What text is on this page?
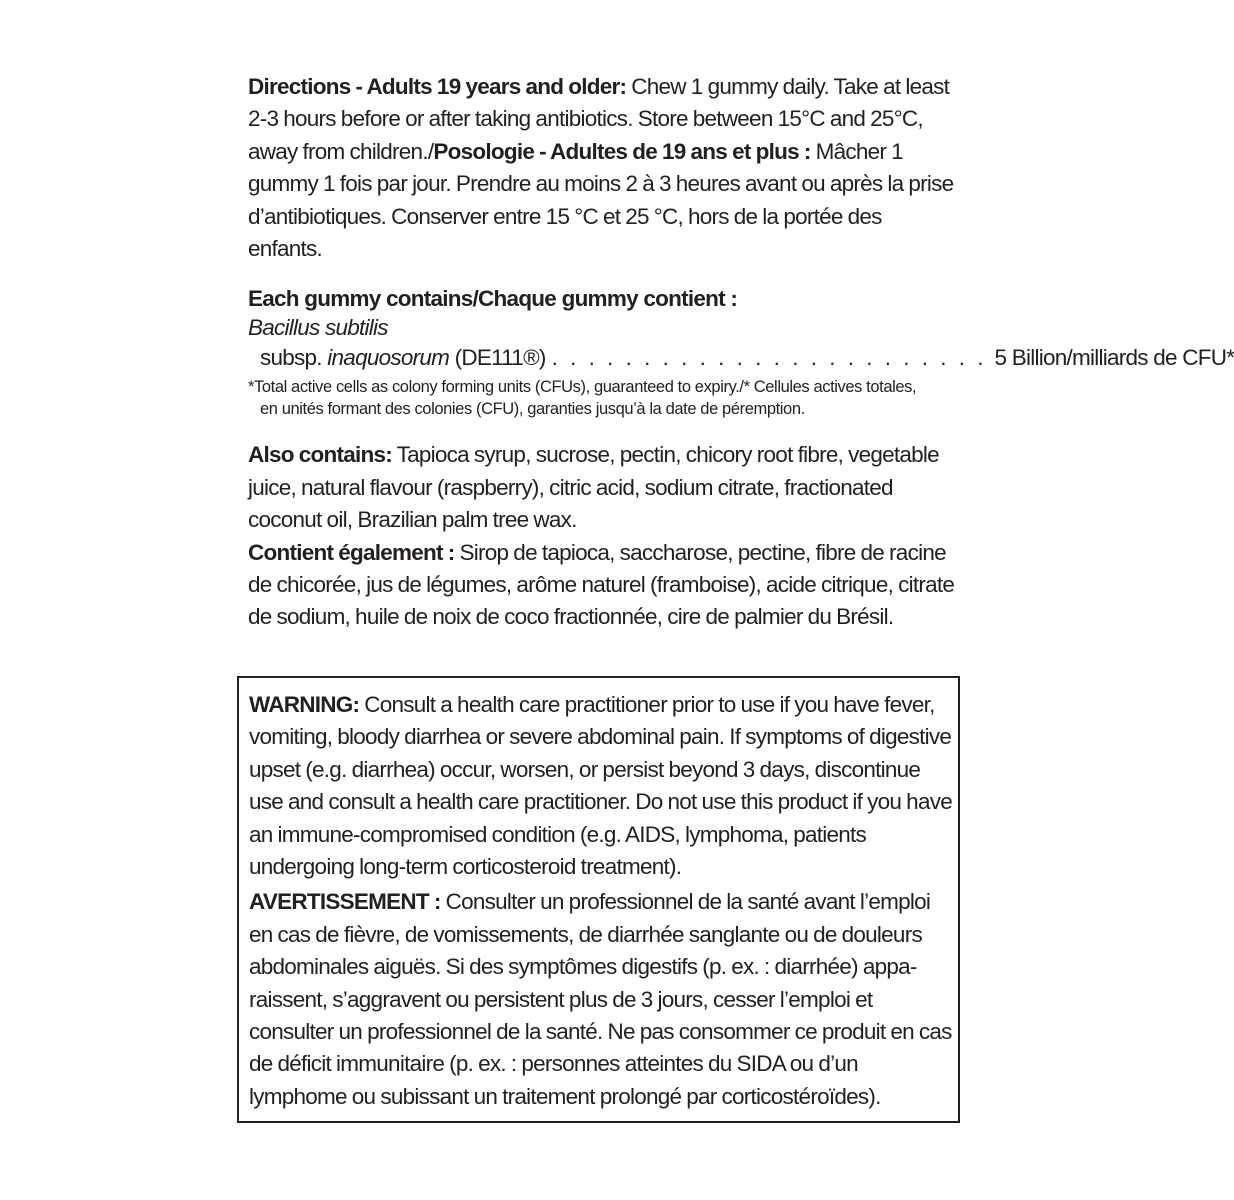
Directions - Adults 19 years and older: Chew 1 gummy daily. Take at least 2-3 hours before or after taking antibiotics. Store between 15°C and 25°C, away from children./Posologie - Adultes de 19 ans et plus : Mâcher 1 gummy 1 fois par jour. Prendre au moins 2 à 3 heures avant ou après la prise d’antibiotiques. Conserver entre 15 °C et 25 °C, hors de la portée des enfants.

Each gummy contains/Chaque gummy contient :

Bacillus subtilis

subsp. inaquosorum (DE111®) . . . . . . . . . . . . . . . . . . . . . . . . 5 Billion/milliards de CFU*

*Total active cells as colony forming units (CFUs), guaranteed to expiry./* Cellules actives totales, en unités formant des colonies (CFU), garanties jusqu’à la date de péremption.

Also contains: Tapioca syrup, sucrose, pectin, chicory root fibre, vegetable juice, natural flavour (raspberry), citric acid, sodium citrate, fractionated coconut oil, Brazilian palm tree wax.

Contient également : Sirop de tapioca, saccharose, pectine, fibre de racine de chicorée, jus de légumes, arôme naturel (framboise), acide citrique, citrate de sodium, huile de noix de coco fractionnée, cire de palmier du Brésil.

WARNING: Consult a health care practitioner prior to use if you have fever, vomiting, bloody diarrhea or severe abdominal pain. If symptoms of digestive upset (e.g. diarrhea) occur, worsen, or persist beyond 3 days, discontinue use and consult a health care practitioner. Do not use this product if you have an immune-compromised condition (e.g. AIDS, lymphoma, patients undergoing long-term corticosteroid treatment).

AVERTISSEMENT : Consulter un professionnel de la santé avant l’emploi en cas de fièvre, de vomissements, de diarrhée sanglante ou de douleurs abdominales aiguës. Si des symptômes digestifs (p. ex. : diarrhée) apparaissent, s’aggravent ou persistent plus de 3 jours, cesser l’emploi et consulter un professionnel de la santé. Ne pas consommer ce produit en cas de déficit immunitaire (p. ex. : personnes atteintes du SIDA ou d’un lymphome ou subissant un traitement prolongé par corticostéroïdes).
